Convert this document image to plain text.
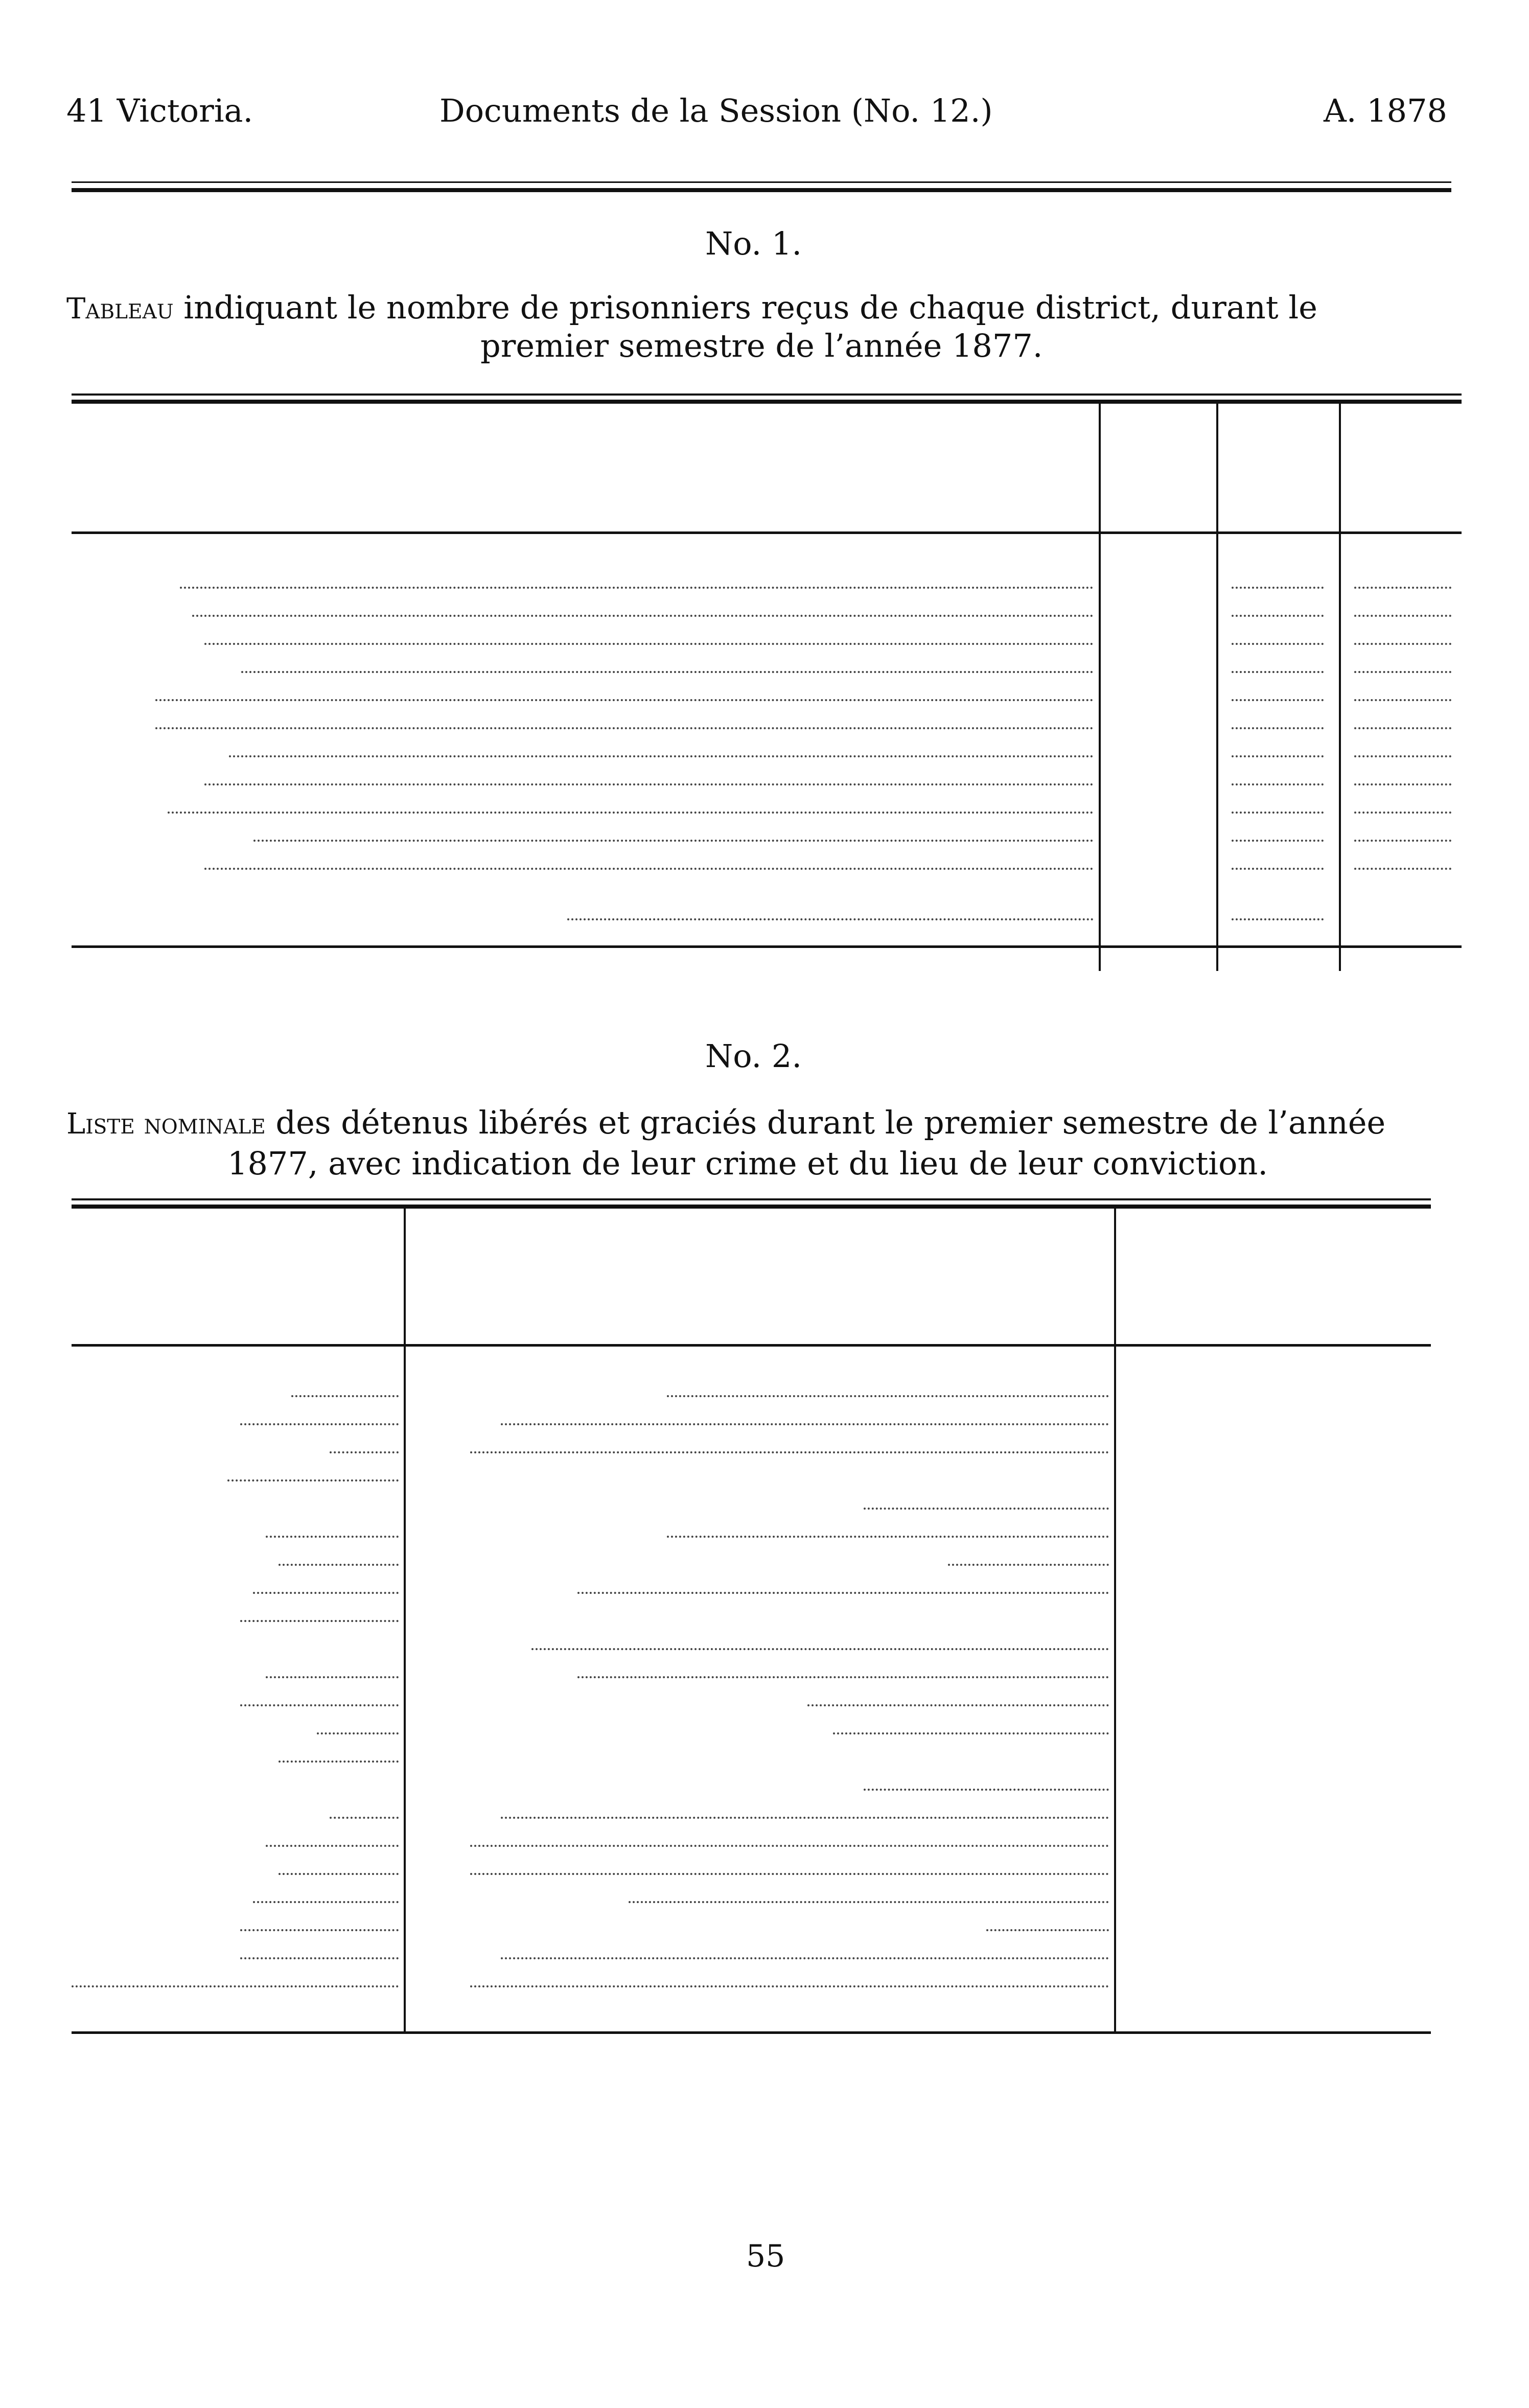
41 Victoria.	Documents de la Session (No. 12.)	A. 1878
No. 1.
Tableau indiquant le nombre de prisonniers reçus de chaque district, durant le
premier semestre de l’année 1877.
No. 2.
Liste nominale des détenus libérés et graciés durant le premier semestre de l’année
1877, avec indication de leur crime et du lieu de leur conviction.
55
